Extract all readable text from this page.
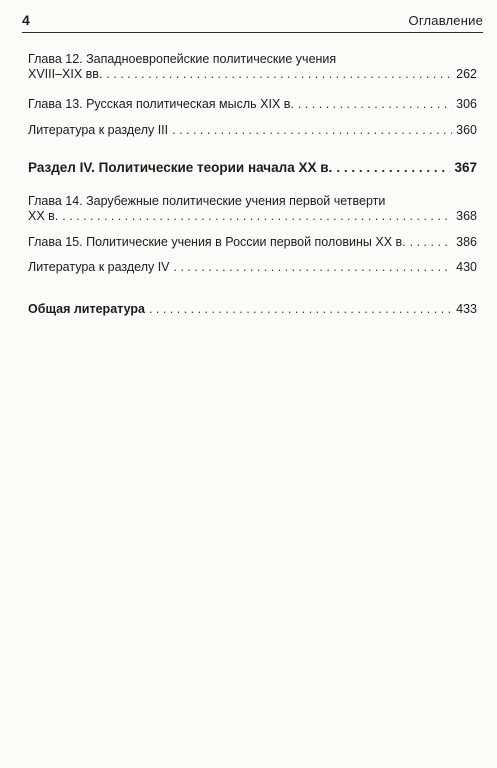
4	Оглавление
Глава 12. Западноевропейские политические учения
XVIII–XIX вв. . . .	262
Глава 13. Русская политическая мысль XIX в. . . .	306
Литература к разделу III . . .	360
Раздел IV. Политические теории начала XX в. . . .	367
Глава 14. Зарубежные политические учения первой четверти
XX в. . . .	368
Глава 15. Политические учения в России первой половины XX в. . . .	386
Литература к разделу IV . . .	430
Общая литература . . .	433
